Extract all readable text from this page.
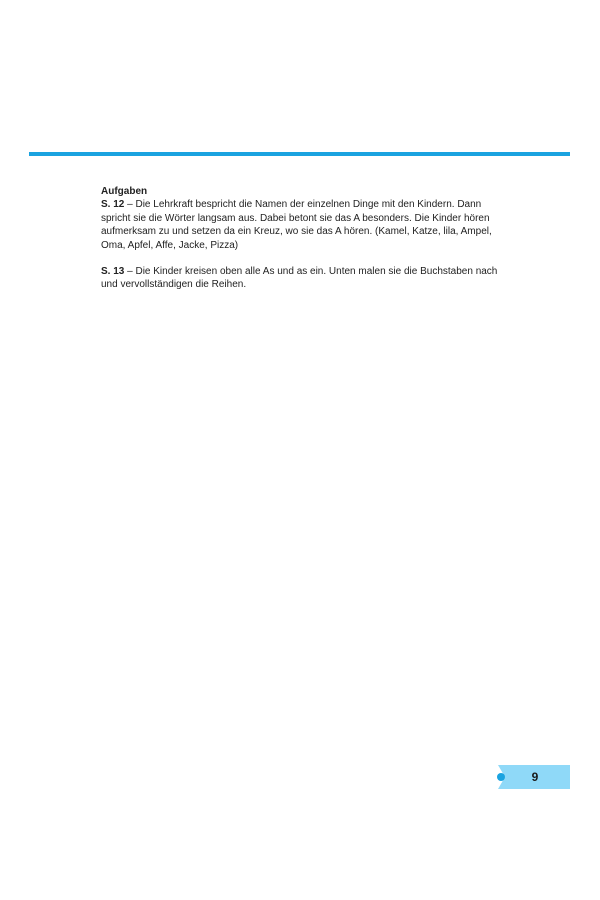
Aufgaben

S. 12 – Die Lehrkraft bespricht die Namen der einzelnen Dinge mit den Kindern. Dann spricht sie die Wörter langsam aus. Dabei betont sie das A besonders. Die Kinder hören aufmerksam zu und setzen da ein Kreuz, wo sie das A hören. (Kamel, Katze, lila, Ampel, Oma, Apfel, Affe, Jacke, Pizza)

S. 13 – Die Kinder kreisen oben alle As und as ein. Unten malen sie die Buchstaben nach und vervollständigen die Reihen.

9
